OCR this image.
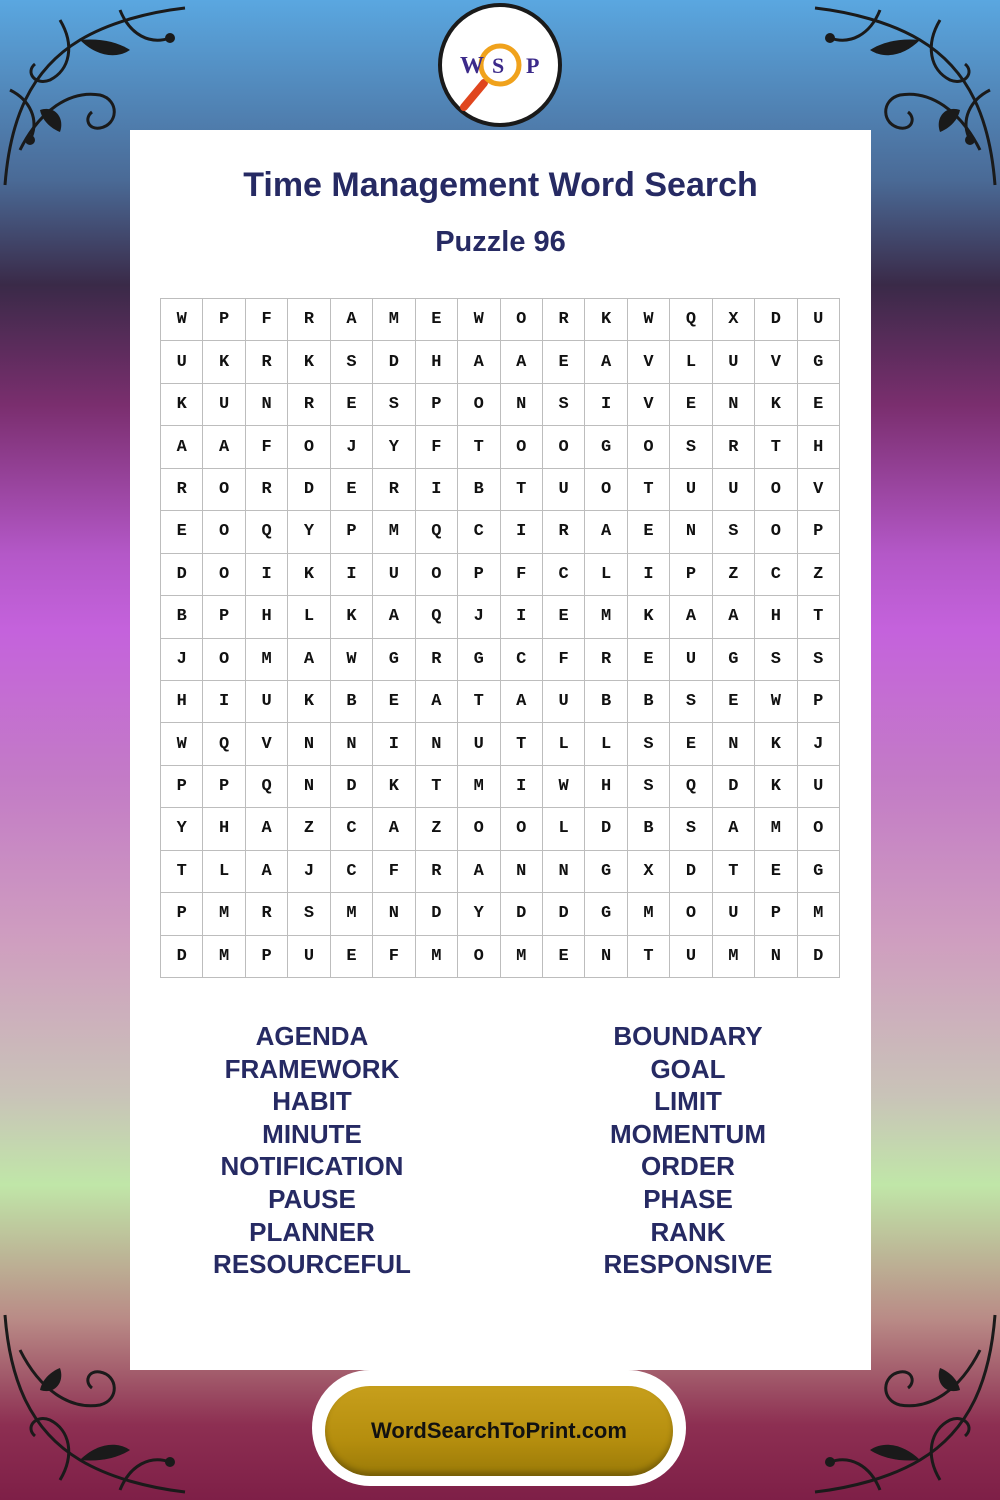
W S P
Time Management Word Search
Puzzle 96
W	P	F	R	A	M	E	W	O	R	K	W	Q	X	D	U
U	K	R	K	S	D	H	A	A	E	A	V	L	U	V	G
K	U	N	R	E	S	P	O	N	S	I	V	E	N	K	E
A	A	F	O	J	Y	F	T	O	O	G	O	S	R	T	H
R	O	R	D	E	R	I	B	T	U	O	T	U	U	O	V
E	O	Q	Y	P	M	Q	C	I	R	A	E	N	S	O	P
D	O	I	K	I	U	O	P	F	C	L	I	P	Z	C	Z
B	P	H	L	K	A	Q	J	I	E	M	K	A	A	H	T
J	O	M	A	W	G	R	G	C	F	R	E	U	G	S	S
H	I	U	K	B	E	A	T	A	U	B	B	S	E	W	P
W	Q	V	N	N	I	N	U	T	L	L	S	E	N	K	J
P	P	Q	N	D	K	T	M	I	W	H	S	Q	D	K	U
Y	H	A	Z	C	A	Z	O	O	L	D	B	S	A	M	O
T	L	A	J	C	F	R	A	N	N	G	X	D	T	E	G
P	M	R	S	M	N	D	Y	D	D	G	M	O	U	P	M
D	M	P	U	E	F	M	O	M	E	N	T	U	M	N	D
AGENDA
FRAMEWORK
HABIT
MINUTE
NOTIFICATION
PAUSE
PLANNER
RESOURCEFUL
BOUNDARY
GOAL
LIMIT
MOMENTUM
ORDER
PHASE
RANK
RESPONSIVE
WordSearchToPrint.com
